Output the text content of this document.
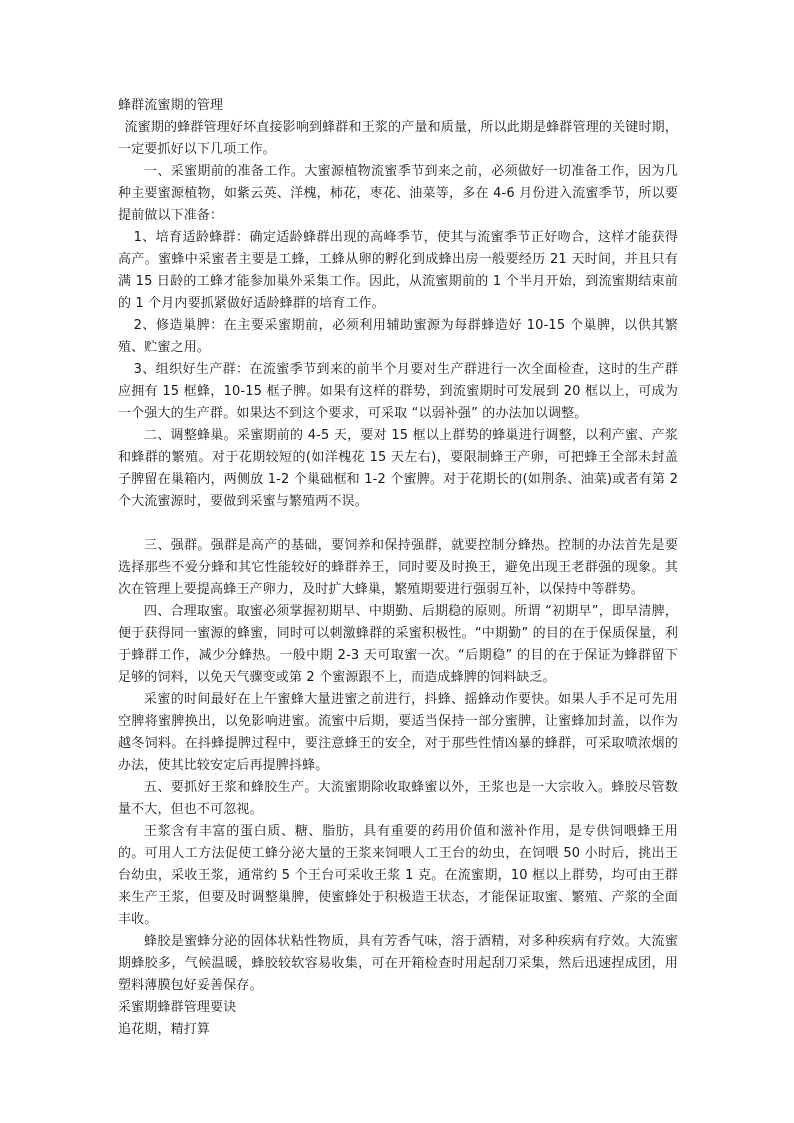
蜂群流蜜期的管理

流蜜期的蜂群管理好坏直接影响到蜂群和王浆的产量和质量，所以此期是蜂群管理的关键时期，一定要抓好以下几项工作。

一、采蜜期前的准备工作。大蜜源植物流蜜季节到来之前，必须做好一切准备工作，因为几种主要蜜源植物，如紫云英、洋槐，柿花，枣花、油菜等，多在 4-6 月份进入流蜜季节，所以要提前做以下准备：

1、培育适龄蜂群：确定适龄蜂群出现的高峰季节，使其与流蜜季节正好吻合，这样才能获得高产。蜜蜂中采蜜者主要是工蜂，工蜂从卵的孵化到成蜂出房一般要经历 21 天时间，并且只有满 15 日龄的工蜂才能参加巢外采集工作。因此，从流蜜期前的 1 个半月开始，到流蜜期结束前的 1 个月内要抓紧做好适龄蜂群的培育工作。

2、修造巢脾：在主要采蜜期前，必须利用辅助蜜源为每群蜂造好 10-15 个巢脾，以供其繁殖、贮蜜之用。

3、组织好生产群：在流蜜季节到来的前半个月要对生产群进行一次全面检查，这时的生产群应拥有 15 框蜂，10-15 框子脾。如果有这样的群势，到流蜜期时可发展到 20 框以上，可成为一个强大的生产群。如果达不到这个要求，可采取 “以弱补强” 的办法加以调整。

二、调整蜂巢。采蜜期前的 4-5 天，要对 15 框以上群势的蜂巢进行调整，以利产蜜、产浆和蜂群的繁殖。对于花期较短的(如洋槐花 15 天左右)，要限制蜂王产卵，可把蜂王全部未封盖子脾留在巢箱内，两侧放 1-2 个巢础框和 1-2 个蜜脾。对于花期长的(如荆条、油菜)或者有第 2 个大流蜜源时，要做到采蜜与繁殖两不误。

三、强群。强群是高产的基础，要饲养和保持强群，就要控制分蜂热。控制的办法首先是要选择那些不爱分蜂和其它性能较好的蜂群养王，同时要及时换王，避免出现王老群强的现象。其次在管理上要提高蜂王产卵力，及时扩大蜂巢，繁殖期要进行强弱互补，以保持中等群势。

四、合理取蜜。取蜜必须掌握初期早、中期勤、后期稳的原则。所谓 “初期早”，即早清脾，便于获得同一蜜源的蜂蜜，同时可以刺激蜂群的采蜜积极性。“中期勤” 的目的在于保质保量，利于蜂群工作，减少分蜂热。一般中期 2-3 天可取蜜一次。“后期稳” 的目的在于保证为蜂群留下足够的饲料，以免天气骤变或第 2 个蜜源跟不上，而造成蜂脾的饲料缺乏。

采蜜的时间最好在上午蜜蜂大量进蜜之前进行，抖蜂、摇蜂动作要快。如果人手不足可先用空脾将蜜脾换出，以免影响进蜜。流蜜中后期，要适当保持一部分蜜脾，让蜜蜂加封盖，以作为越冬饲料。在抖蜂提脾过程中，要注意蜂王的安全，对于那些性情凶暴的蜂群，可采取喷浓烟的办法，使其比较安定后再提脾抖蜂。

五、要抓好王浆和蜂胶生产。大流蜜期除收取蜂蜜以外，王浆也是一大宗收入。蜂胶尽管数量不大，但也不可忽视。

王浆含有丰富的蛋白质、糖、脂肪，具有重要的药用价值和滋补作用，是专供饲喂蜂王用的。可用人工方法促使工蜂分泌大量的王浆来饲喂人工王台的幼虫，在饲喂 50 小时后，挑出王台幼虫，采收王浆，通常约 5 个王台可采收王浆 1 克。在流蜜期，10 框以上群势，均可由王群来生产王浆，但要及时调整巢脾，使蜜蜂处于积极造王状态，才能保证取蜜、繁殖、产浆的全面丰收。

蜂胶是蜜蜂分泌的固体状粘性物质，具有芳香气味，溶于酒精，对多种疾病有疗效。大流蜜期蜂胶多，气候温暖，蜂胶较软容易收集，可在开箱检查时用起刮刀采集，然后迅速捏成团，用塑料薄膜包好妥善保存。

采蜜期蜂群管理要诀

追花期，精打算
